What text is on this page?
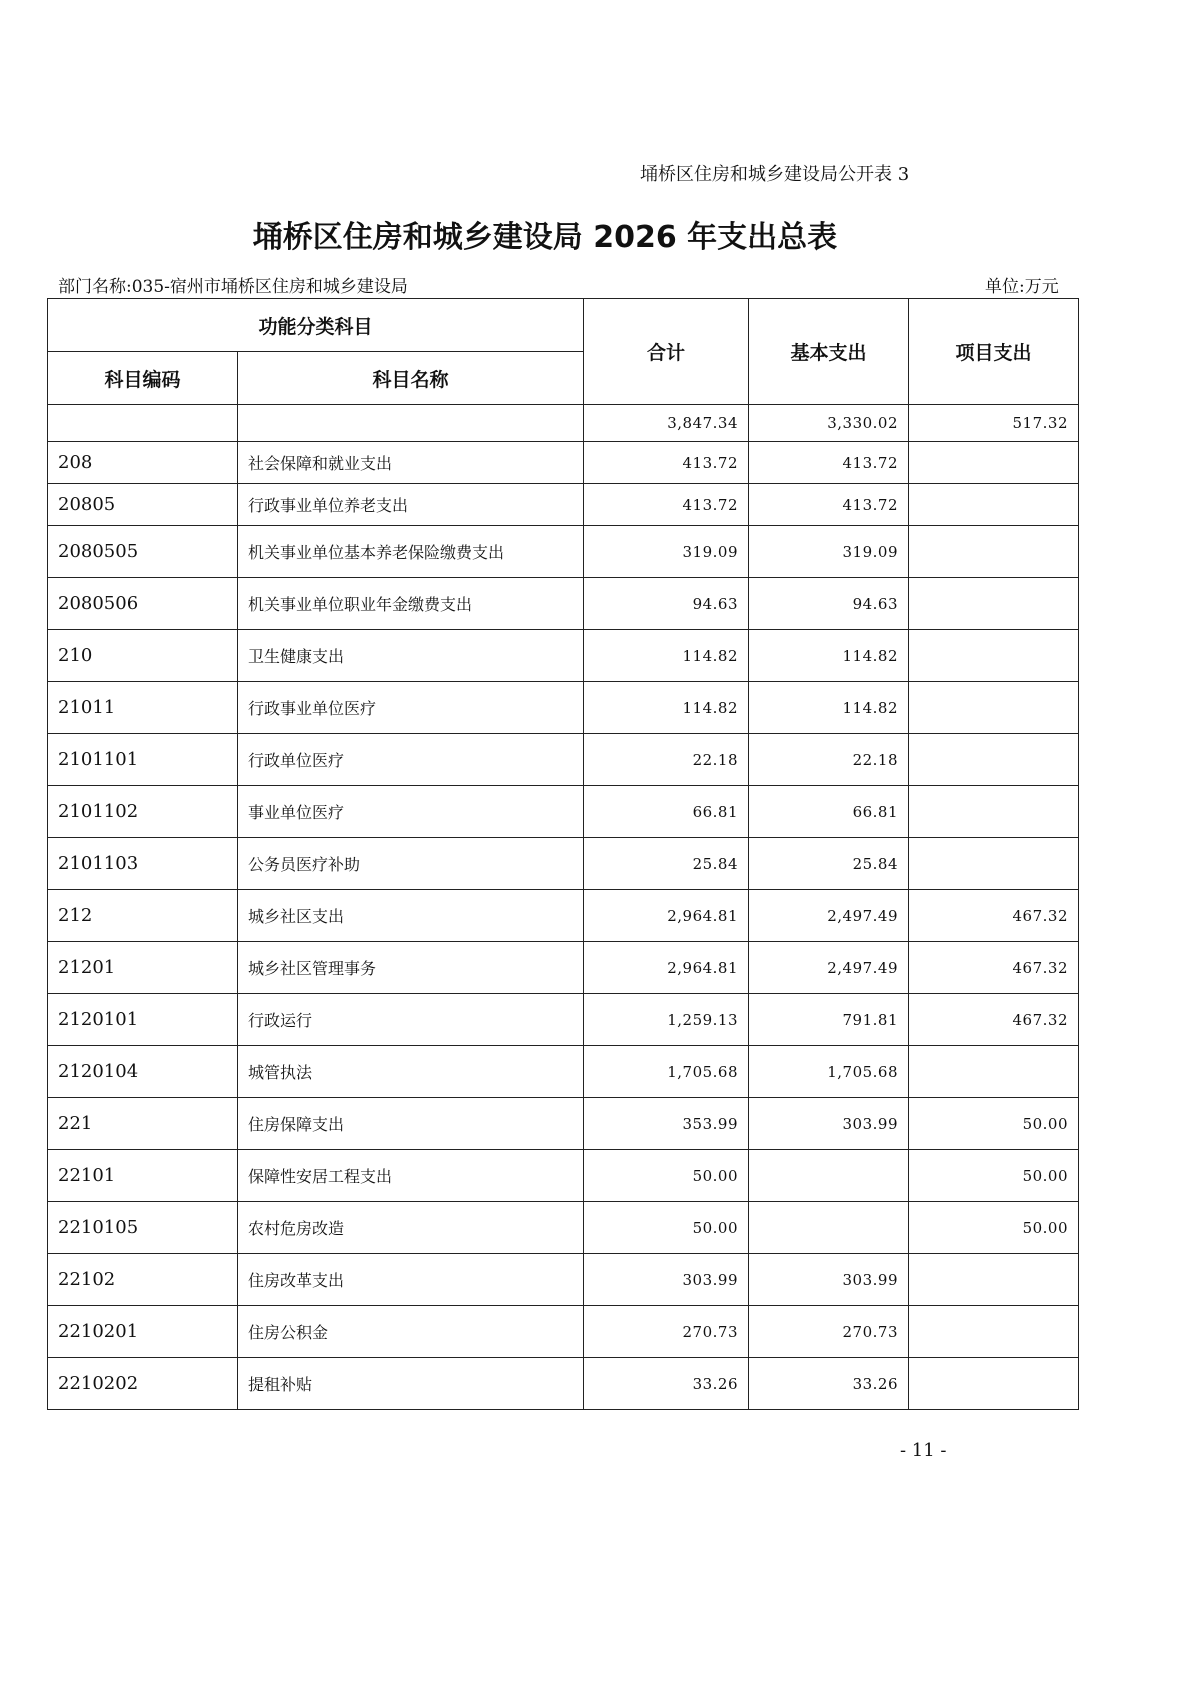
埇桥区住房和城乡建设局公开表 3
埇桥区住房和城乡建设局 2026 年支出总表
部门名称:035-宿州市埇桥区住房和城乡建设局	单位:万元
功能分类科目		合计	基本支出	项目支出
科目编码	科目名称			
		3,847.34	3,330.02	517.32
208	社会保障和就业支出	413.72	413.72	
20805	行政事业单位养老支出	413.72	413.72	
2080505	机关事业单位基本养老保险缴费支出	319.09	319.09	
2080506	机关事业单位职业年金缴费支出	94.63	94.63	
210	卫生健康支出	114.82	114.82	
21011	行政事业单位医疗	114.82	114.82	
2101101	行政单位医疗	22.18	22.18	
2101102	事业单位医疗	66.81	66.81	
2101103	公务员医疗补助	25.84	25.84	
212	城乡社区支出	2,964.81	2,497.49	467.32
21201	城乡社区管理事务	2,964.81	2,497.49	467.32
2120101	行政运行	1,259.13	791.81	467.32
2120104	城管执法	1,705.68	1,705.68	
221	住房保障支出	353.99	303.99	50.00
22101	保障性安居工程支出	50.00		50.00
2210105	农村危房改造	50.00		50.00
22102	住房改革支出	303.99	303.99	
2210201	住房公积金	270.73	270.73	
2210202	提租补贴	33.26	33.26	
- 11 -
